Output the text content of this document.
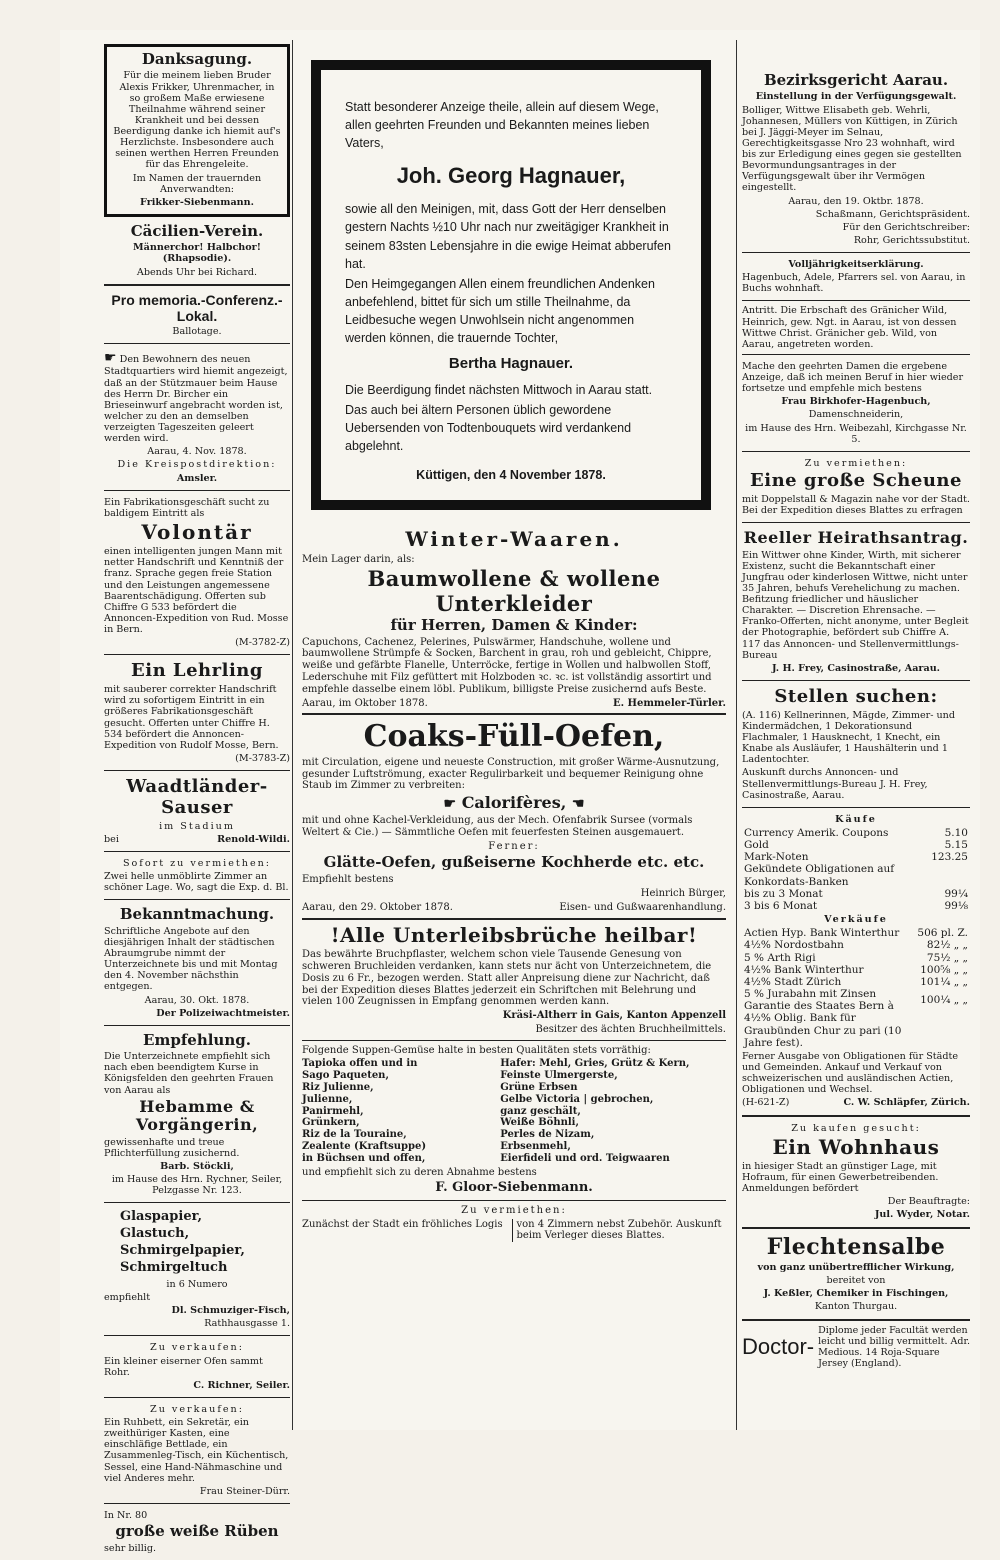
Danksagung.

Für die meinem lieben Bruder Alexis Frikker, Uhrenmacher, in so großem Maße erwiesene Theilnahme während seiner Krankheit und bei dessen Beerdigung danke ich hiemit auf's Herzlichste. Insbesondere auch seinen werthen Herren Freunden für das Ehrengeleite.

Im Namen der trauernden Anverwandten:

Frikker-Siebenmann.

Cäcilien-Verein.

Männerchor! Halbchor! (Rhapsodie).

Abends Uhr bei Richard.

Pro memoria.-Conferenz.-Lokal.

Ballotage.

☛ Den Bewohnern des neuen Stadtquartiers wird hiemit angezeigt, daß an der Stützmauer beim Hause des Herrn Dr. Bircher ein Brieseinwurf angebracht worden ist, welcher zu den an demselben verzeigten Tageszeiten geleert werden wird.

Aarau, 4. Nov. 1878.

Die Kreispostdirektion:

Amsler.

Ein Fabrikationsgeschäft sucht zu baldigem Eintritt als

Volontär

einen intelligenten jungen Mann mit netter Handschrift und Kenntniß der franz. Sprache gegen freie Station und den Leistungen angemessene Baarentschädigung. Offerten sub Chiffre G 533 befördert die Annoncen-Expedition von Rud. Mosse in Bern.

(M-3782-Z)

Ein Lehrling

mit sauberer correkter Handschrift wird zu sofortigem Eintritt in ein größeres Fabrikationsgeschäft gesucht. Offerten unter Chiffre H. 534 befördert die Annoncen-Expedition von Rudolf Mosse, Bern.

(M-3783-Z)

Waadtländer-Sauser

im Stadium

bei	Renold-Wildi.

Sofort zu vermiethen:

Zwei helle unmöblirte Zimmer an schöner Lage. Wo, sagt die Exp. d. Bl.

Bekanntmachung.

Schriftliche Angebote auf den diesjährigen Inhalt der städtischen Abraumgrube nimmt der Unterzeichnete bis und mit Montag den 4. November nächsthin entgegen.

Aarau, 30. Okt. 1878.

Der Polizeiwachtmeister.

Empfehlung.

Die Unterzeichnete empfiehlt sich nach eben beendigtem Kurse in Königsfelden den geehrten Frauen von Aarau als

Hebamme & Vorgängerin,

gewissenhafte und treue Pflichterfüllung zusichernd.

Barb. Stöckli,

im Hause des Hrn. Rychner, Seiler, Pelzgasse Nr. 123.

Glaspapier,
Glastuch,
Schmirgelpapier,
Schmirgeltuch

in 6 Numero

empfiehlt

Dl. Schmuziger-Fisch,

Rathhausgasse 1.

Zu verkaufen:

Ein kleiner eiserner Ofen sammt Rohr.

C. Richner, Seiler.

Zu verkaufen:

Ein Ruhbett, ein Sekretär, ein zweithüriger Kasten, eine einschläfige Bettlade, ein Zusammenleg-Tisch, ein Küchentisch, Sessel, eine Hand-Nähmaschine und viel Anderes mehr.

Frau Steiner-Dürr.

In Nr. 80

große weiße Rüben

sehr billig.

Statt besonderer Anzeige theile, allein auf diesem Wege, allen geehrten Freunden und Bekannten meines lieben Vaters,

Joh. Georg Hagnauer,

sowie all den Meinigen, mit, dass Gott der Herr denselben gestern Nachts ½10 Uhr nach nur zweitägiger Krankheit in seinem 83sten Lebensjahre in die ewige Heimat abberufen hat.

Den Heimgegangen Allen einem freundlichen Andenken anbefehlend, bittet für sich um stille Theilnahme, da Leidbesuche wegen Unwohlsein nicht angenommen werden können, die trauernde Tochter,

Bertha Hagnauer.

Die Beerdigung findet nächsten Mittwoch in Aarau statt.

Das auch bei ältern Personen üblich gewordene Uebersenden von Todtenbouquets wird verdankend abgelehnt.

Küttigen, den 4 November 1878.

Winter-Waaren.

Mein Lager darin, als:

Baumwollene & wollene Unterkleider
für Herren, Damen & Kinder:

Capuchons, Cachenez, Pelerines, Pulswärmer, Handschuhe, wollene und baumwollene Strümpfe & Socken, Barchent in grau, roh und gebleicht, Chippre, weiße und gefärbte Flanelle, Unterröcke, fertige in Wollen und halbwollen Stoff, Lederschuhe mit Filz gefüttert mit Holzboden ꝛc. ꝛc. ist vollständig assortirt und empfehle dasselbe einem löbl. Publikum, billigste Preise zusichernd aufs Beste.

Aarau, im Oktober 1878.	E. Hemmeler-Türler.

Coaks-Füll-Oefen,

mit Circulation, eigene und neueste Construction, mit großer Wärme-Ausnutzung, gesunder Luftströmung, exacter Regulirbarkeit und bequemer Reinigung ohne Staub im Zimmer zu verbreiten:

☛ Calorifères, ☚

mit und ohne Kachel-Verkleidung, aus der Mech. Ofenfabrik Sursee (vormals Weltert & Cie.) — Sämmtliche Oefen mit feuerfesten Steinen ausgemauert.

Ferner:

Glätte-Oefen, gußeiserne Kochherde etc. etc.

Empfiehlt bestens

Heinrich Bürger,

Aarau, den 29. Oktober 1878.	Eisen- und Gußwaarenhandlung.

!Alle Unterleibsbrüche heilbar!

Das bewährte Bruchpflaster, welchem schon viele Tausende Genesung von schweren Bruchleiden verdanken, kann stets nur ächt von Unterzeichnetem, die Dosis zu 6 Fr., bezogen werden. Statt aller Anpreisung diene zur Nachricht, daß bei der Expedition dieses Blattes jederzeit ein Schriftchen mit Belehrung und vielen 100 Zeugnissen in Empfang genommen werden kann.

Kräsi-Altherr in Gais, Kanton Appenzell

Besitzer des ächten Bruchheilmittels.

Folgende Suppen-Gemüse halte in besten Qualitäten stets vorräthig:

Tapioka offen und in
Sago Paqueten,
Riz Julienne,
Julienne,
Panirmehl,
Grünkern,
Riz de la Touraine,
Zealente (Kraftsuppe)
in Büchsen und offen,
Hafer: Mehl, Gries, Grütz & Kern,
Feinste Ulmergerste,
Grüne Erbsen
Gelbe Victoria | gebrochen,
ganz geschält,
Weiße Böhnli,
Perles de Nizam,
Erbsenmehl,
Eierfideli und ord. Teigwaaren

und empfiehlt sich zu deren Abnahme bestens

F. Gloor-Siebenmann.

Zu vermiethen:

Zunächst der Stadt ein fröhliches Logis	von 4 Zimmern nebst Zubehör. Auskunft beim Verleger dieses Blattes.
Bezirksgericht Aarau.

Einstellung in der Verfügungsgewalt.

Bolliger, Wittwe Elisabeth geb. Wehrli, Johannesen, Müllers von Küttigen, in Zürich bei J. Jäggi-Meyer im Selnau, Gerechtigkeitsgasse Nro 23 wohnhaft, wird bis zur Erledigung eines gegen sie gestellten Bevormundungsantrages in der Verfügungsgewalt über ihr Vermögen eingestellt.

Aarau, den 19. Oktbr. 1878.

Schaßmann, Gerichtspräsident.

Für den Gerichtschreiber:

Rohr, Gerichtssubstitut.

Volljährigkeitserklärung.

Hagenbuch, Adele, Pfarrers sel. von Aarau, in Buchs wohnhaft.

Antritt. Die Erbschaft des Gränicher Wild, Heinrich, gew. Ngt. in Aarau, ist von dessen Wittwe Christ. Gränicher geb. Wild, von Aarau, angetreten worden.

Mache den geehrten Damen die ergebene Anzeige, daß ich meinen Beruf in hier wieder fortsetze und empfehle mich bestens

Frau Birkhofer-Hagenbuch,

Damenschneiderin,

im Hause des Hrn. Weibezahl, Kirchgasse Nr. 5.

Zu vermiethen:

Eine große Scheune

mit Doppelstall & Magazin nahe vor der Stadt. Bei der Expedition dieses Blattes zu erfragen

Reeller Heirathsantrag.

Ein Wittwer ohne Kinder, Wirth, mit sicherer Existenz, sucht die Bekanntschaft einer Jungfrau oder kinderlosen Wittwe, nicht unter 35 Jahren, behufs Verehelichung zu machen. Befitzung friedlicher und häuslicher Charakter. — Discretion Ehrensache. — Franko-Offerten, nicht anonyme, unter Begleit der Photographie, befördert sub Chiffre A. 117 das Annoncen- und Stellenvermittlungs-Bureau

J. H. Frey, Casinostraße, Aarau.

Stellen suchen:

(A. 116) Kellnerinnen, Mägde, Zimmer- und Kindermädchen, 1 Dekorationsund Flachmaler, 1 Hausknecht, 1 Knecht, ein Knabe als Ausläufer, 1 Haushälterin und 1 Ladentochter.

Auskunft durchs Annoncen- und Stellenvermittlungs-Bureau J. H. Frey, Casinostraße, Aarau.

Käufe

Currency Amerik. Coupons	5.10
Gold	5.15
Mark-Noten	123.25
Gekündete Obligationen auf Konkordats-Banken	
bis zu 3 Monat	99¼
3 bis 6 Monat	99⅛

Verkäufe

Actien Hyp. Bank Winterthur	506 pl. Z.
4½% Nordostbahn	82½ „ „
5 % Arth Rigi	75½ „ „
4½% Bank Winterthur	100⅝ „ „
4½% Stadt Zürich	101¼ „ „
5 % Jurabahn mit Zinsen Garantie des Staates Bern à	100¼ „ „
4½% Oblig. Bank für Graubünden Chur zu pari (10 Jahre fest).	

Ferner Ausgabe von Obligationen für Städte und Gemeinden. Ankauf und Verkauf von schweizerischen und ausländischen Actien, Obligationen und Wechsel.

(H-621-Z)	C. W. Schläpfer, Zürich.

Zu kaufen gesucht:

Ein Wohnhaus

in hiesiger Stadt an günstiger Lage, mit Hofraum, für einen Gewerbetreibenden. Anmeldungen befördert

Der Beauftragte:

Jul. Wyder, Notar.

Flechtensalbe

von ganz unübertrefflicher Wirkung,

bereitet von

J. Keßler, Chemiker in Fischingen,

Kanton Thurgau.

Doctor-
Diplome jeder Facultät werden leicht und billig vermittelt. Adr. Medious. 14 Roja-Square Jersey (England).
